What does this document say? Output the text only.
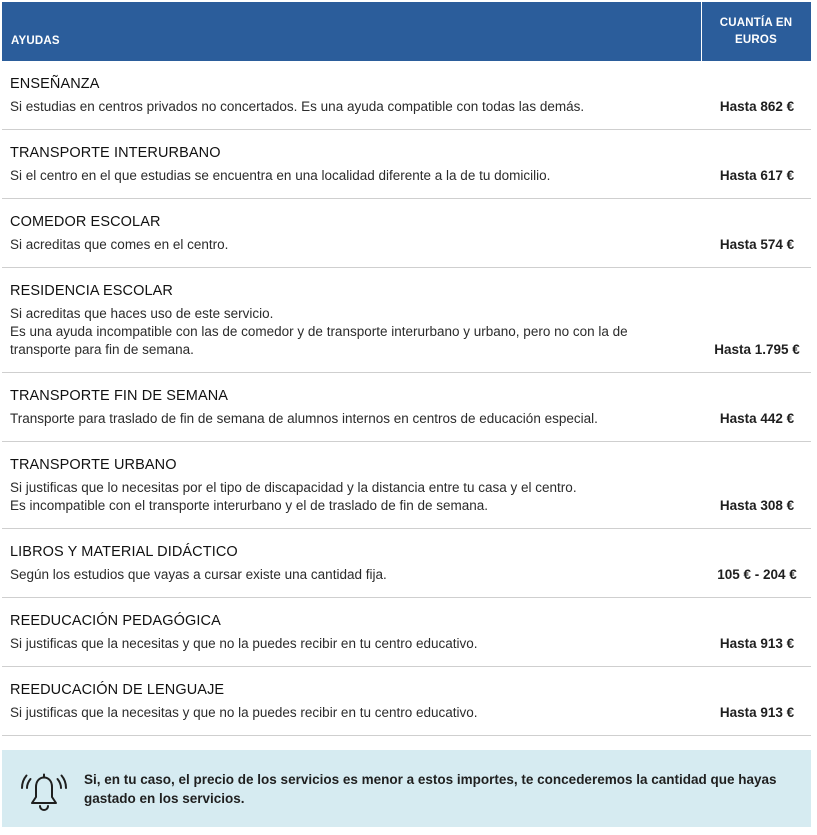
AYUDAS
CUANTÍA EN
EUROS
ENSEÑANZA
Si estudias en centros privados no concertados. Es una ayuda compatible con todas las demás.	Hasta 862 €
TRANSPORTE INTERURBANO
Si el centro en el que estudias se encuentra en una localidad diferente a la de tu domicilio.	Hasta 617 €
COMEDOR ESCOLAR
Si acreditas que comes en el centro.	Hasta 574 €
RESIDENCIA ESCOLAR
Si acreditas que haces uso de este servicio.
Es una ayuda incompatible con las de comedor y de transporte interurbano y urbano, pero no con la de
transporte para fin de semana.	Hasta 1.795 €
TRANSPORTE FIN DE SEMANA
Transporte para traslado de fin de semana de alumnos internos en centros de educación especial.	Hasta 442 €
TRANSPORTE URBANO
Si justificas que lo necesitas por el tipo de discapacidad y la distancia entre tu casa y el centro.
Es incompatible con el transporte interurbano y el de traslado de fin de semana.	Hasta 308 €
LIBROS Y MATERIAL DIDÁCTICO
Según los estudios que vayas a cursar existe una cantidad fija.	105 € - 204 €
REEDUCACIÓN PEDAGÓGICA
Si justificas que la necesitas y que no la puedes recibir en tu centro educativo.	Hasta 913 €
REEDUCACIÓN DE LENGUAJE
Si justificas que la necesitas y que no la puedes recibir en tu centro educativo.	Hasta 913 €
Si, en tu caso, el precio de los servicios es menor a estos importes, te concederemos la cantidad que hayas
gastado en los servicios.
